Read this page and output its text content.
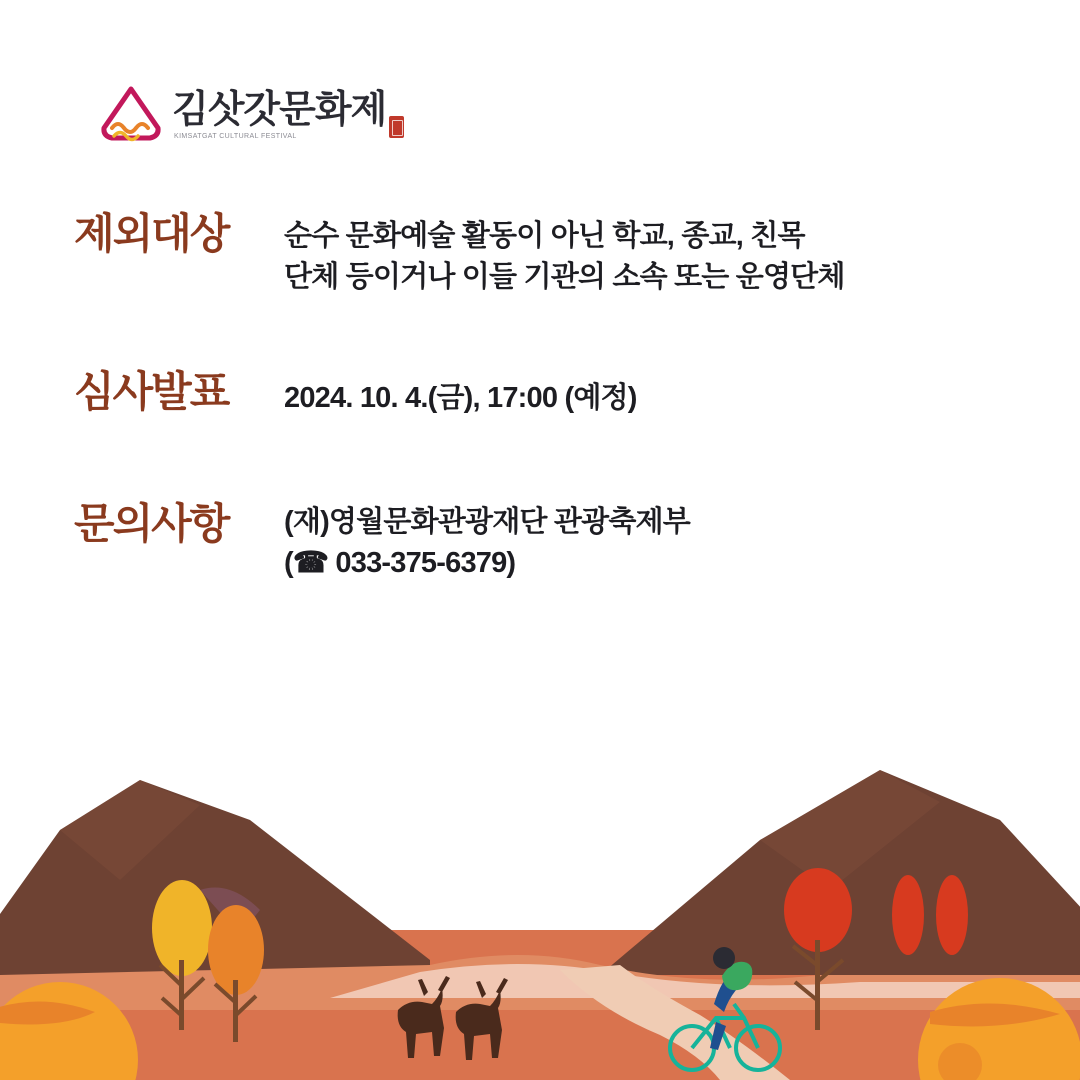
김삿갓문화제
KIMSATGAT CULTURAL FESTIVAL
제외대상	순수 문화예술 활동이 아닌 학교, 종교, 친목
단체 등이거나 이들 기관의 소속 또는 운영단체
심사발표	2024. 10. 4.(금), 17:00 (예정)
문의사항	(재)영월문화관광재단 관광축제부
(☎ 033-375-6379)
